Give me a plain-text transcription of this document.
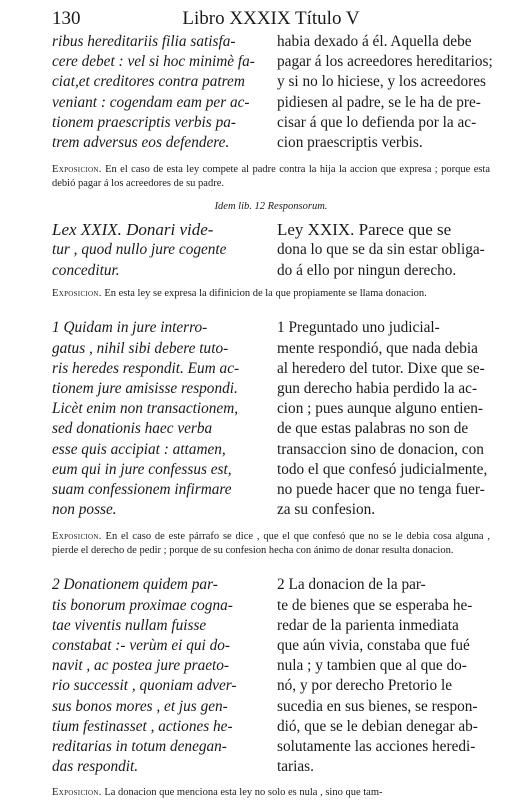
130	Libro XXXIX Título V
ribus hereditariis filia satisfa-
cere debet : vel si hoc minimè fa-
ciat,et creditores contra patrem
veniant : cogendam eam per ac-
tionem praescriptis verbis pa-
trem adversus eos defendere.
habia dexado á él. Aquella debe
pagar á los acreedores hereditarios;
y si no lo hiciese, y los acreedores
pidiesen al padre, se le ha de pre-
cisar á que lo defienda por la ac-
cion praescriptis verbis.
Exposicion. En el caso de esta ley compete al padre contra la hija la accion que expresa ; porque esta debió pagar á los acreedores de su padre.
Idem lib. 12 Responsorum.
Lex XXIX. Donari vide-
tur , quod nullo jure cogente
conceditur.
Ley XXIX. Parece que se
dona lo que se da sin estar obliga-
do á ello por ningun derecho.
Exposicion. En esta ley se expresa la difinicion de la que propiamente se llama donacion.
1 Quidam in jure interro-
gatus , nihil sibi debere tuto-
ris heredes respondit. Eum ac-
tionem jure amisisse respondi.
Licèt enim non transactionem,
sed donationis haec verba
esse quis accipiat : attamen,
eum qui in jure confessus est,
suam confessionem infirmare
non posse.
1 Preguntado uno judicial-
mente respondió, que nada debia
al heredero del tutor. Dixe que se-
gun derecho habia perdido la ac-
cion ; pues aunque alguno entien-
de que estas palabras no son de
transaccion sino de donacion, con
todo el que confesó judicialmente,
no puede hacer que no tenga fuer-
za su confesion.
Exposicion. En el caso de este párrafo se dice , que el que confesó que no se le debia cosa alguna , pierde el derecho de pedir ; porque de su confesion hecha con ánimo de donar resulta donacion.
2 Donationem quidem par-
tis bonorum proximae cogna-
tae viventis nullam fuisse
constabat :- verùm ei qui do-
navit , ac postea jure praeto-
rio successit , quoniam adver-
sus bonos mores , et jus gen-
tium festinasset , actiones he-
reditarias in totum denegan-
das respondit.
2 La donacion de la par-
te de bienes que se esperaba he-
redar de la parienta inmediata
que aún vivia, constaba que fué
nula ; y tambien que al que do-
nó, y por derecho Pretorio le
sucedia en sus bienes, se respon-
dió, que se le debian denegar ab-
solutamente las acciones heredi-
tarias.
Exposicion. La donacion que menciona esta ley no solo es nula , sino que tam-
